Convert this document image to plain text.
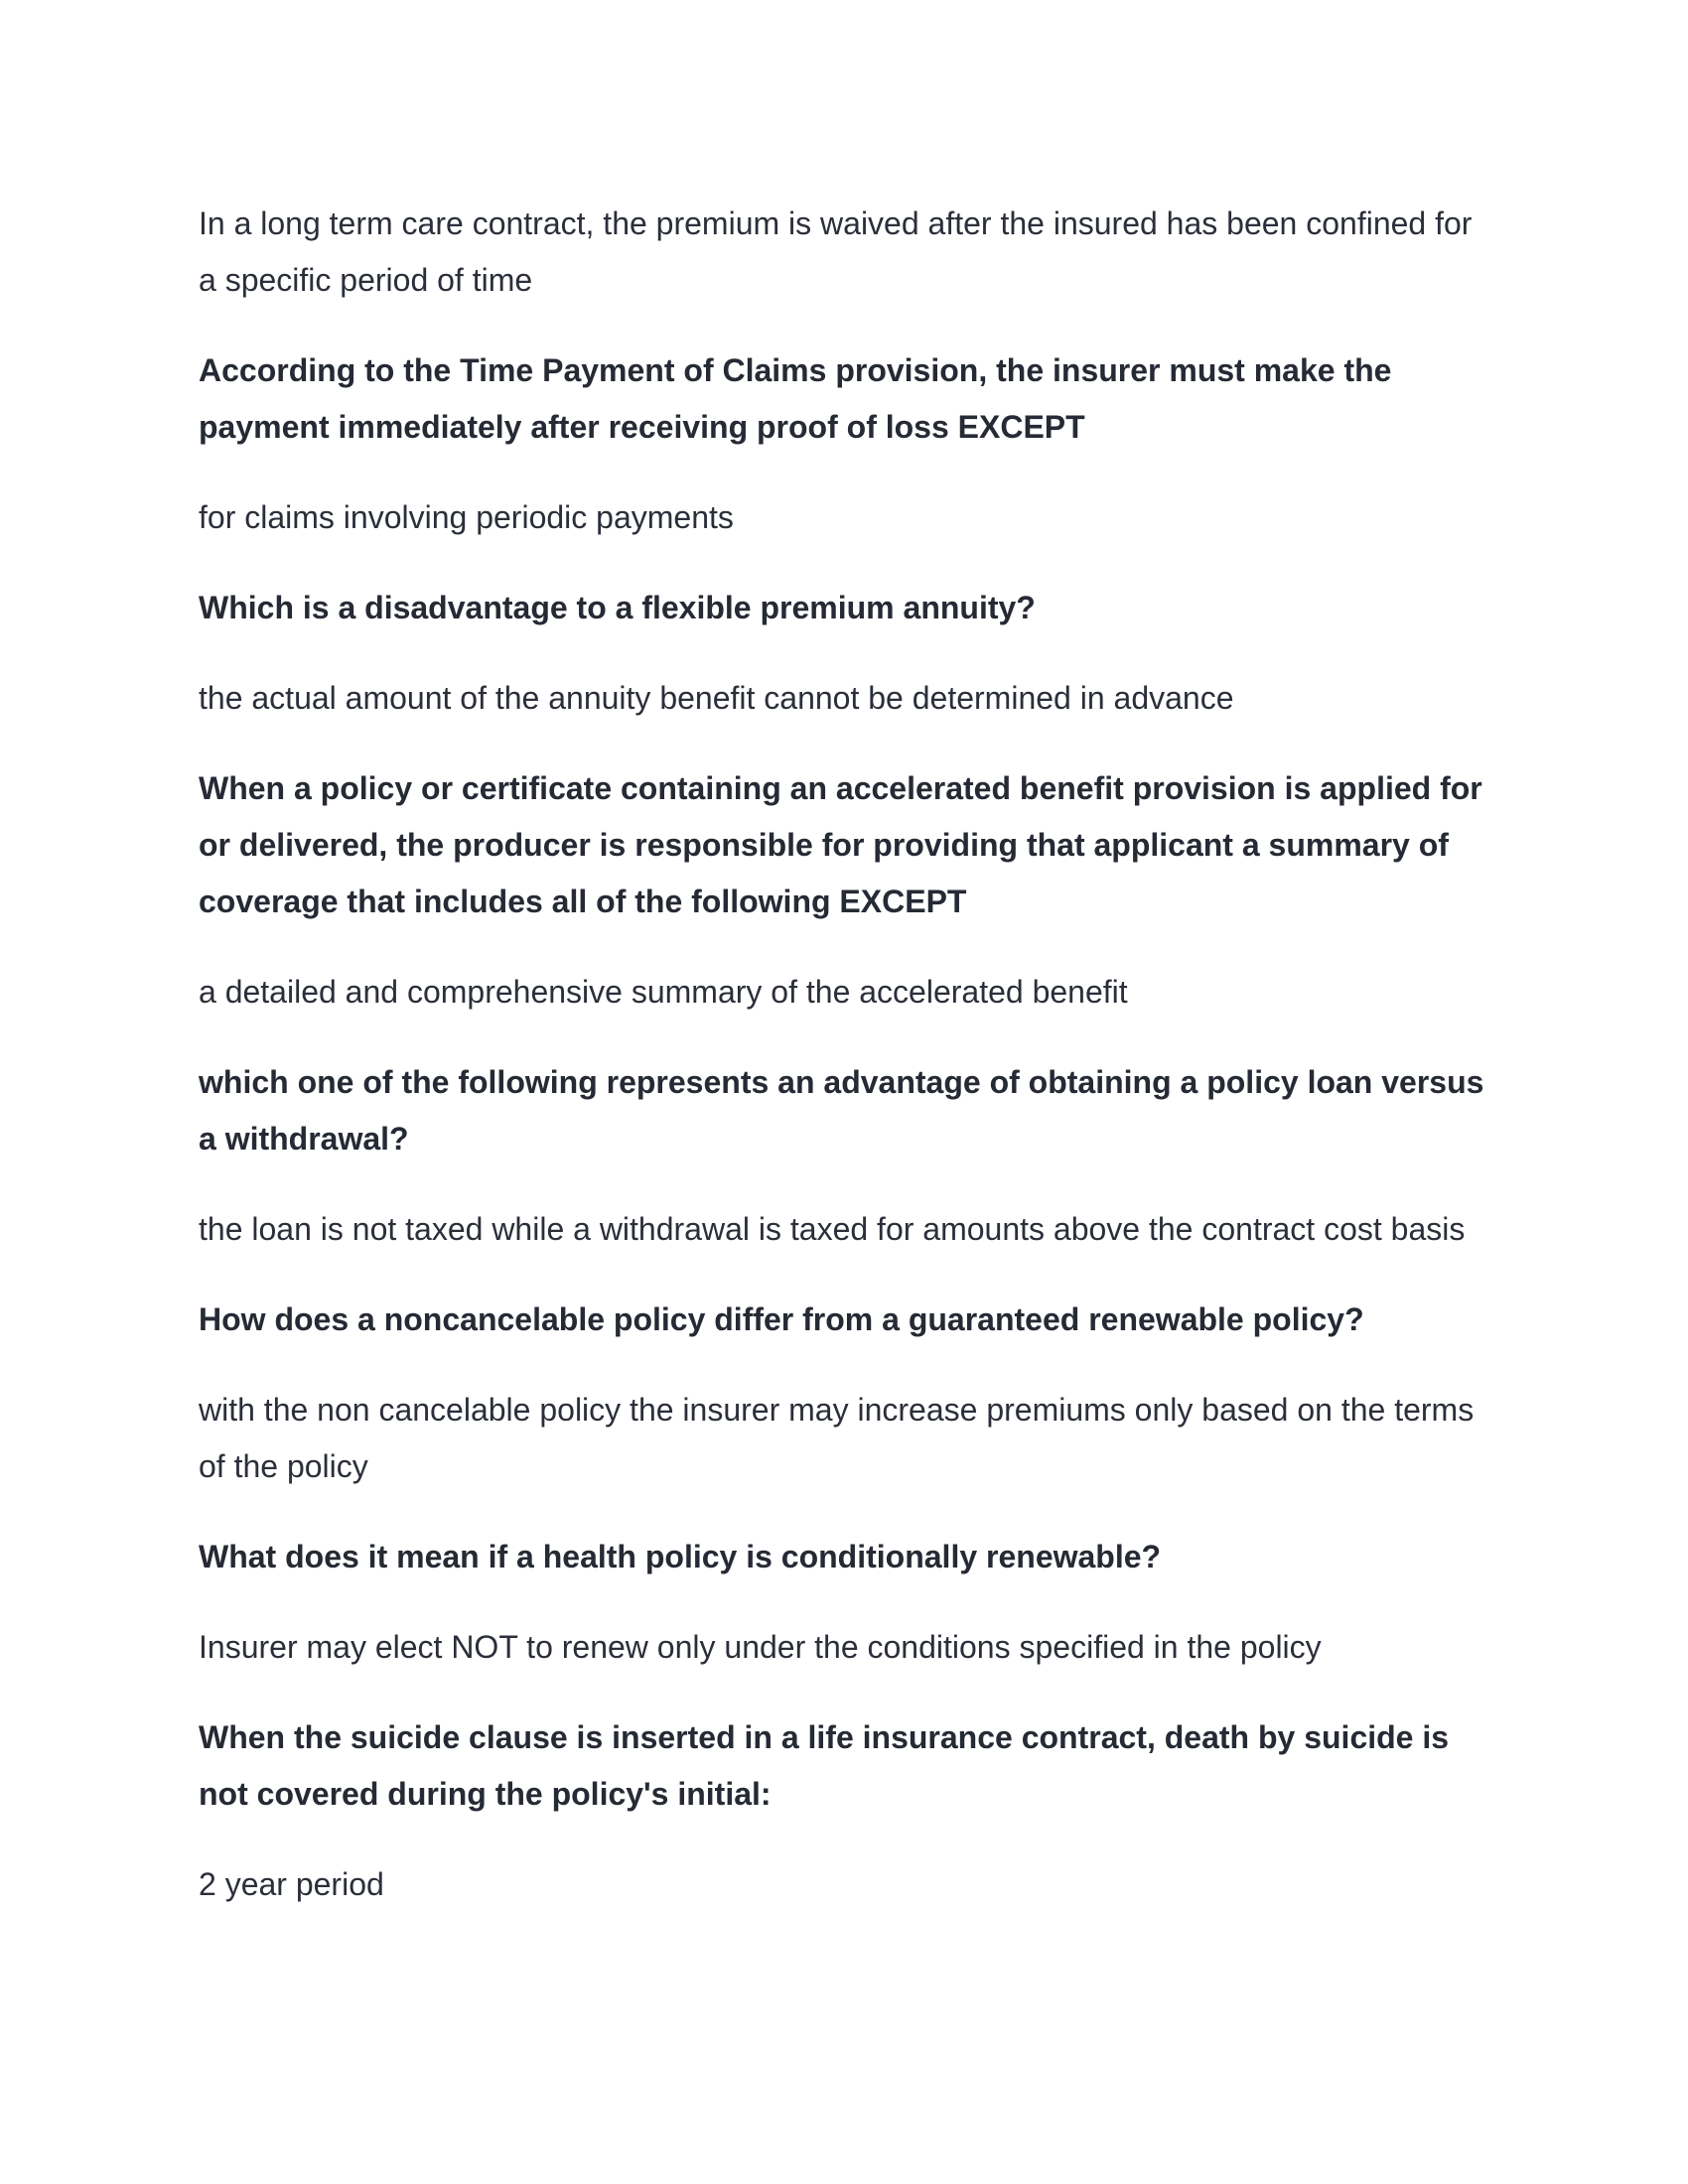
In a long term care contract, the premium is waived after the insured has been confined for a specific period of time

According to the Time Payment of Claims provision, the insurer must make the payment immediately after receiving proof of loss EXCEPT

for claims involving periodic payments

Which is a disadvantage to a flexible premium annuity?

the actual amount of the annuity benefit cannot be determined in advance

When a policy or certificate containing an accelerated benefit provision is applied for or delivered, the producer is responsible for providing that applicant a summary of coverage that includes all of the following EXCEPT

a detailed and comprehensive summary of the accelerated benefit

which one of the following represents an advantage of obtaining a policy loan versus a withdrawal?

the loan is not taxed while a withdrawal is taxed for amounts above the contract cost basis

How does a noncancelable policy differ from a guaranteed renewable policy?

with the non cancelable policy the insurer may increase premiums only based on the terms of the policy

What does it mean if a health policy is conditionally renewable?

Insurer may elect NOT to renew only under the conditions specified in the policy

When the suicide clause is inserted in a life insurance contract, death by suicide is not covered during the policy's initial:

2 year period
